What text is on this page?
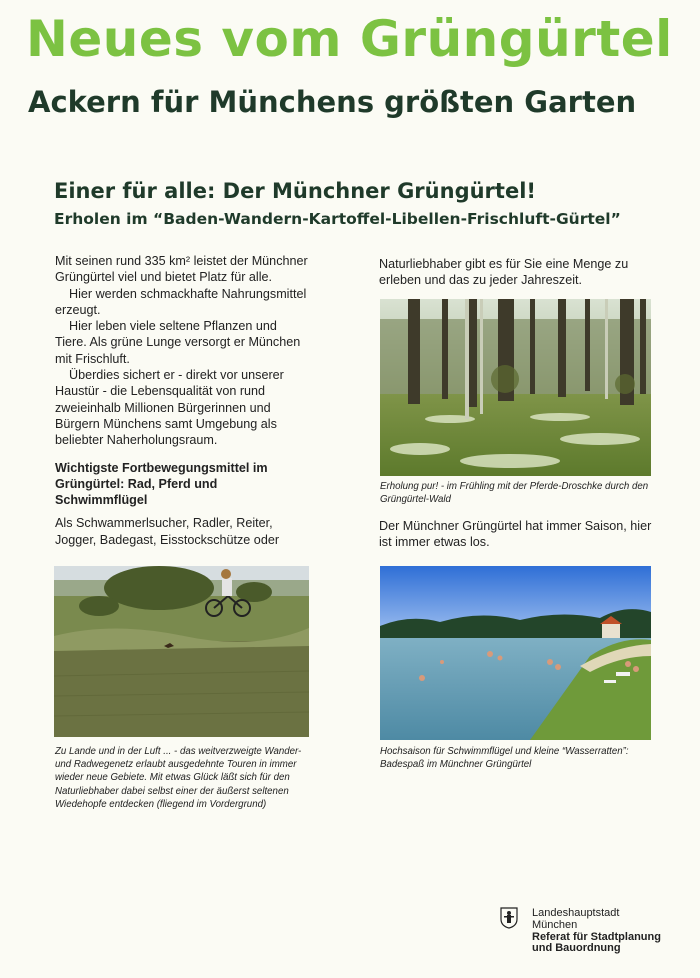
Neues vom Grüngürtel
Ackern für Münchens größten Garten
Einer für alle: Der Münchner Grüngürtel!
Erholen im “Baden-Wandern-Kartoffel-Libellen-Frischluft-Gürtel”

Mit seinen rund 335 km² leistet der Münchner Grüngürtel viel und bietet Platz für alle.

Hier werden schmackhafte Nahrungsmittel erzeugt.

Hier leben viele seltene Pflanzen und Tiere. Als grüne Lunge versorgt er München mit Frischluft.

Überdies sichert er - direkt vor unserer Haustür - die Lebensqualität von rund zweieinhalb Millionen Bürgerinnen und Bürgern Münchens samt Umgebung als beliebter Naherholungsraum.

Wichtigste Fortbewegungsmittel im Grüngürtel: Rad, Pferd und Schwimmflügel

Als Schwammerlsucher, Radler, Reiter, Jogger, Badegast, Eisstockschütze oder

Naturliebhaber gibt es für Sie eine Menge zu erleben und das zu jeder Jahreszeit.

Der Münchner Grüngürtel hat immer Saison, hier ist immer etwas los.

Erholung pur! - im Frühling mit der Pferde-Droschke durch den Grüngürtel-Wald
Zu Lande und in der Luft ... - das weitverzweigte Wander- und Radwegenetz erlaubt ausgedehnte Touren in immer wieder neue Gebiete. Mit etwas Glück läßt sich für den Naturliebhaber dabei selbst einer der äußerst seltenen Wiedehopfe entdecken (fliegend im Vordergrund)
Hochsaison für Schwimmflügel und kleine “Wasserratten”: Badespaß im Münchner Grüngürtel
Landeshauptstadt
München
Referat für Stadtplanung
und Bauordnung
